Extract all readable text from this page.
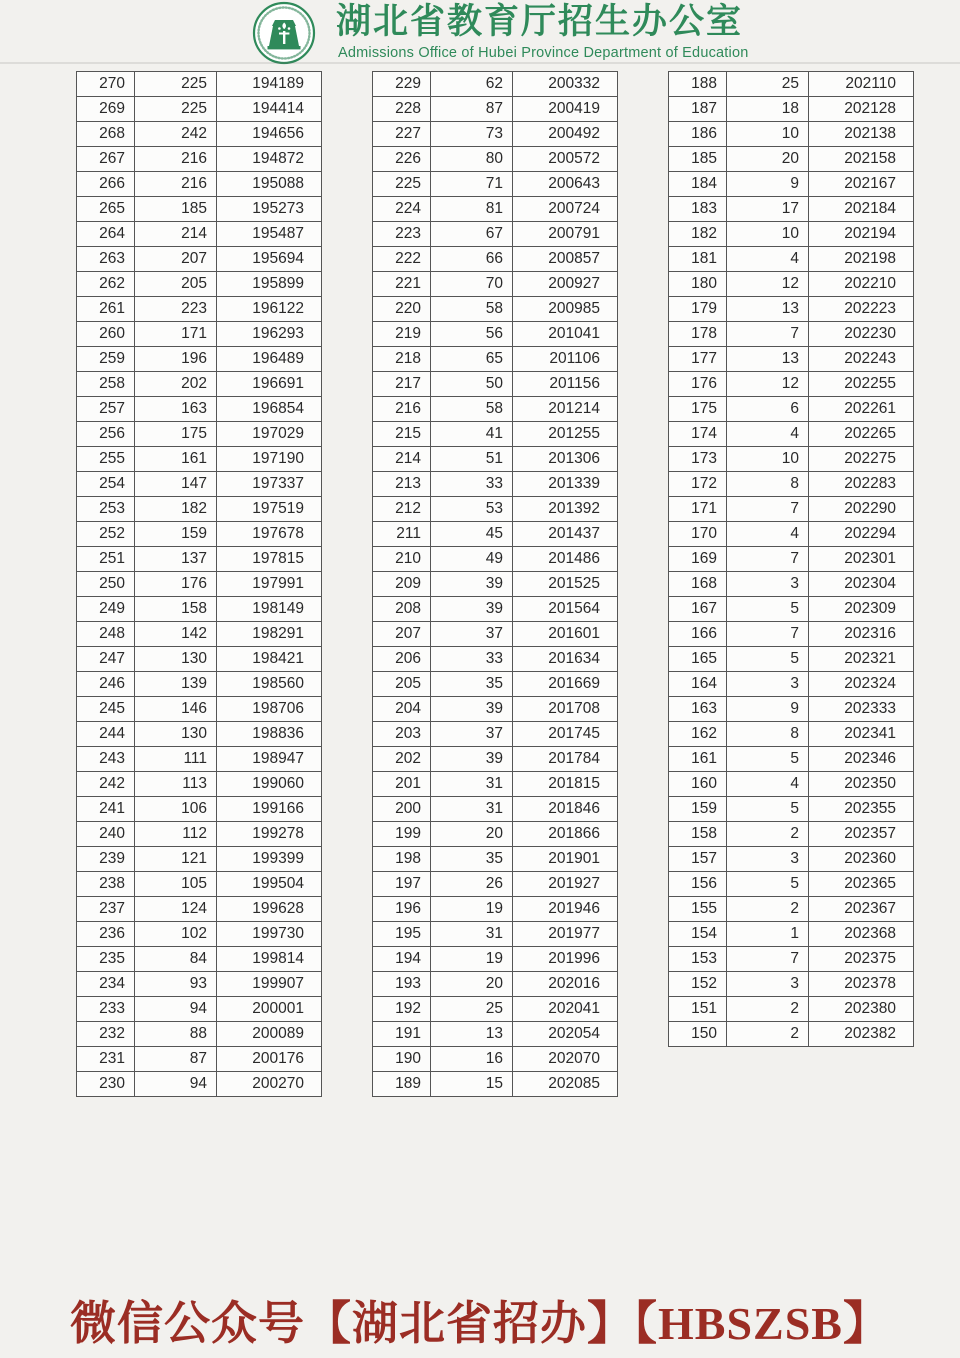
湖北省教育厅招生办公室
Admissions Office of Hubei Province Department of Education
270	225	194189
269	225	194414
268	242	194656
267	216	194872
266	216	195088
265	185	195273
264	214	195487
263	207	195694
262	205	195899
261	223	196122
260	171	196293
259	196	196489
258	202	196691
257	163	196854
256	175	197029
255	161	197190
254	147	197337
253	182	197519
252	159	197678
251	137	197815
250	176	197991
249	158	198149
248	142	198291
247	130	198421
246	139	198560
245	146	198706
244	130	198836
243	111	198947
242	113	199060
241	106	199166
240	112	199278
239	121	199399
238	105	199504
237	124	199628
236	102	199730
235	84	199814
234	93	199907
233	94	200001
232	88	200089
231	87	200176
230	94	200270
229	62	200332
228	87	200419
227	73	200492
226	80	200572
225	71	200643
224	81	200724
223	67	200791
222	66	200857
221	70	200927
220	58	200985
219	56	201041
218	65	201106
217	50	201156
216	58	201214
215	41	201255
214	51	201306
213	33	201339
212	53	201392
211	45	201437
210	49	201486
209	39	201525
208	39	201564
207	37	201601
206	33	201634
205	35	201669
204	39	201708
203	37	201745
202	39	201784
201	31	201815
200	31	201846
199	20	201866
198	35	201901
197	26	201927
196	19	201946
195	31	201977
194	19	201996
193	20	202016
192	25	202041
191	13	202054
190	16	202070
189	15	202085
188	25	202110
187	18	202128
186	10	202138
185	20	202158
184	9	202167
183	17	202184
182	10	202194
181	4	202198
180	12	202210
179	13	202223
178	7	202230
177	13	202243
176	12	202255
175	6	202261
174	4	202265
173	10	202275
172	8	202283
171	7	202290
170	4	202294
169	7	202301
168	3	202304
167	5	202309
166	7	202316
165	5	202321
164	3	202324
163	9	202333
162	8	202341
161	5	202346
160	4	202350
159	5	202355
158	2	202357
157	3	202360
156	5	202365
155	2	202367
154	1	202368
153	7	202375
152	3	202378
151	2	202380
150	2	202382
微信公众号【湖北省招办】【HBSZSB】
